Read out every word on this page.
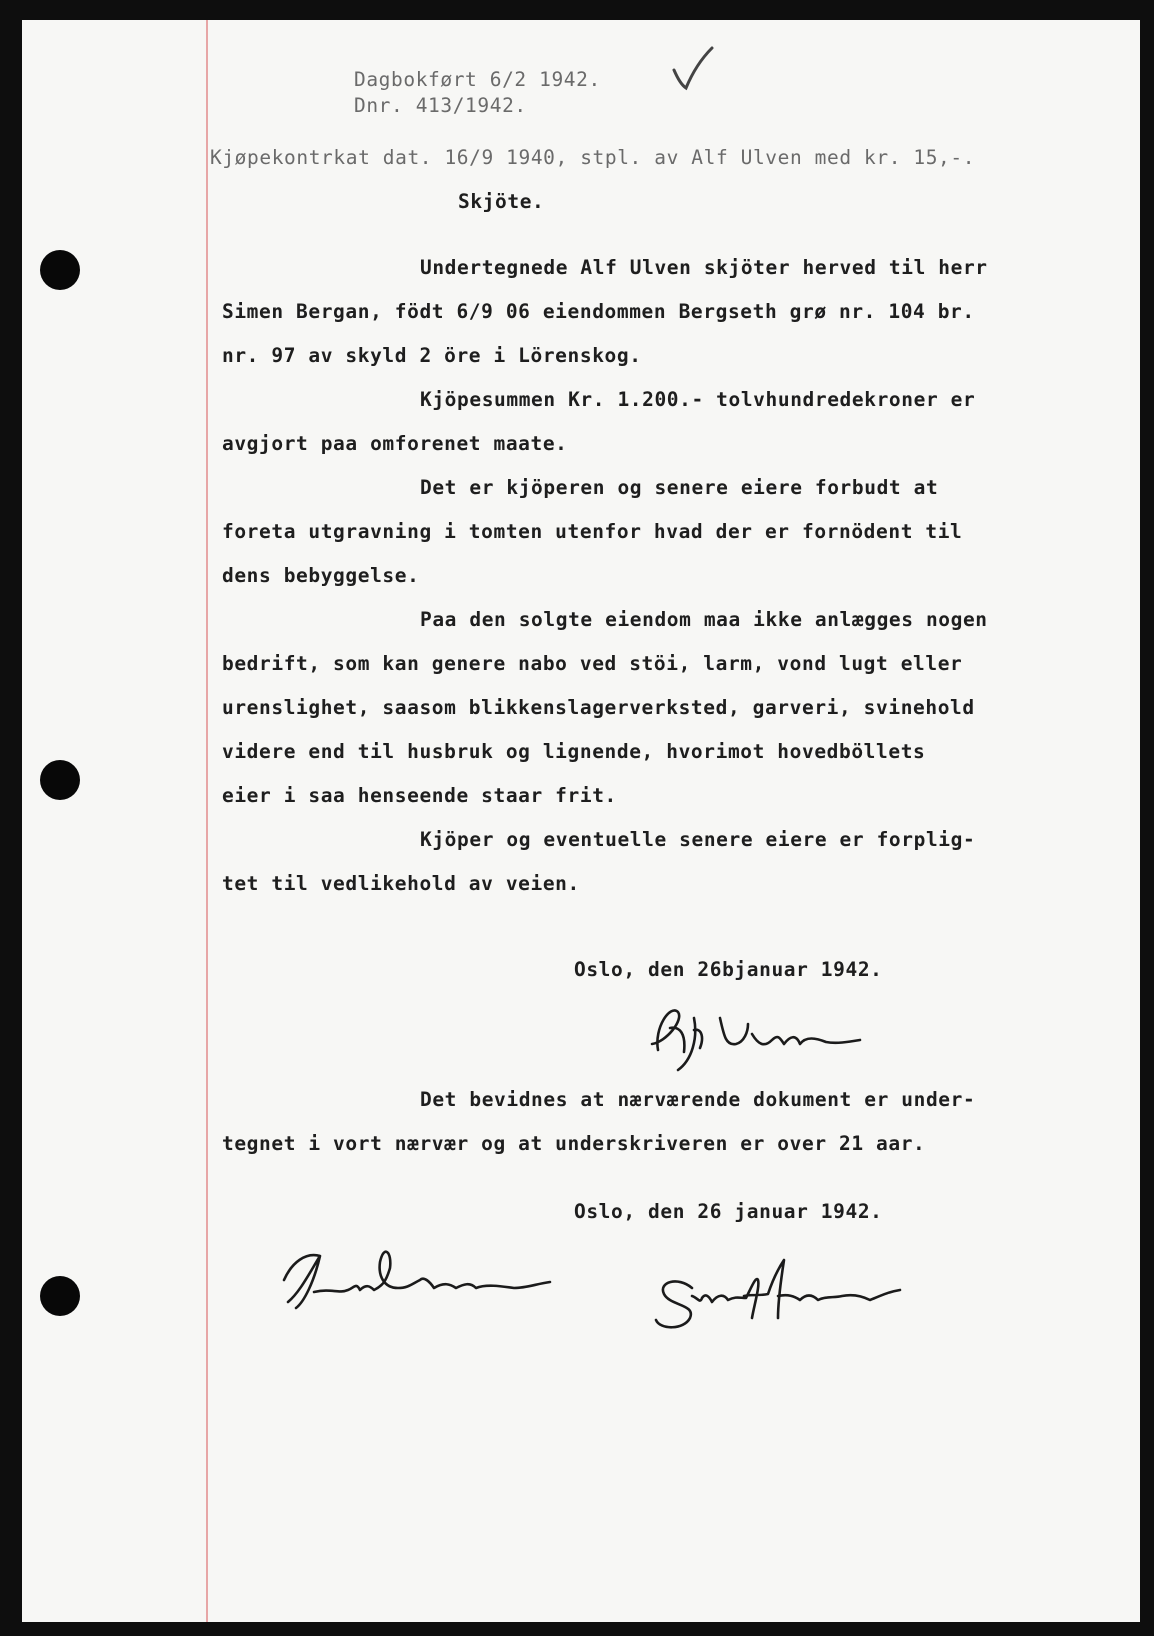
Dagbokført 6/2 1942.
Dnr. 413/1942.
Kjøpekontrkat dat. 16/9 1940, stpl. av Alf Ulven med kr. 15,-.
Skjöte.
Undertegnede Alf Ulven skjöter herved til herr
Simen Bergan, födt 6/9 06 eiendommen Bergseth grø nr. 104 br.
nr. 97 av skyld 2 öre i Lörenskog.
Kjöpesummen Kr. 1.200.- tolvhundredekroner er
avgjort paa omforenet maate.
Det er kjöperen og senere eiere forbudt at
foreta utgravning i tomten utenfor hvad der er fornödent til
dens bebyggelse.
Paa den solgte eiendom maa ikke anlægges nogen
bedrift, som kan genere nabo ved stöi, larm, vond lugt eller
urenslighet, saasom blikkenslagerverksted, garveri, svinehold
videre end til husbruk og lignende, hvorimot hovedböllets
eier i saa henseende staar frit.
Kjöper og eventuelle senere eiere er forplig-
tet til vedlikehold av veien.
Oslo, den 26bjanuar 1942.
Det bevidnes at nærværende dokument er under-
tegnet i vort nærvær og at underskriveren er over 21 aar.
Oslo, den 26 januar 1942.
